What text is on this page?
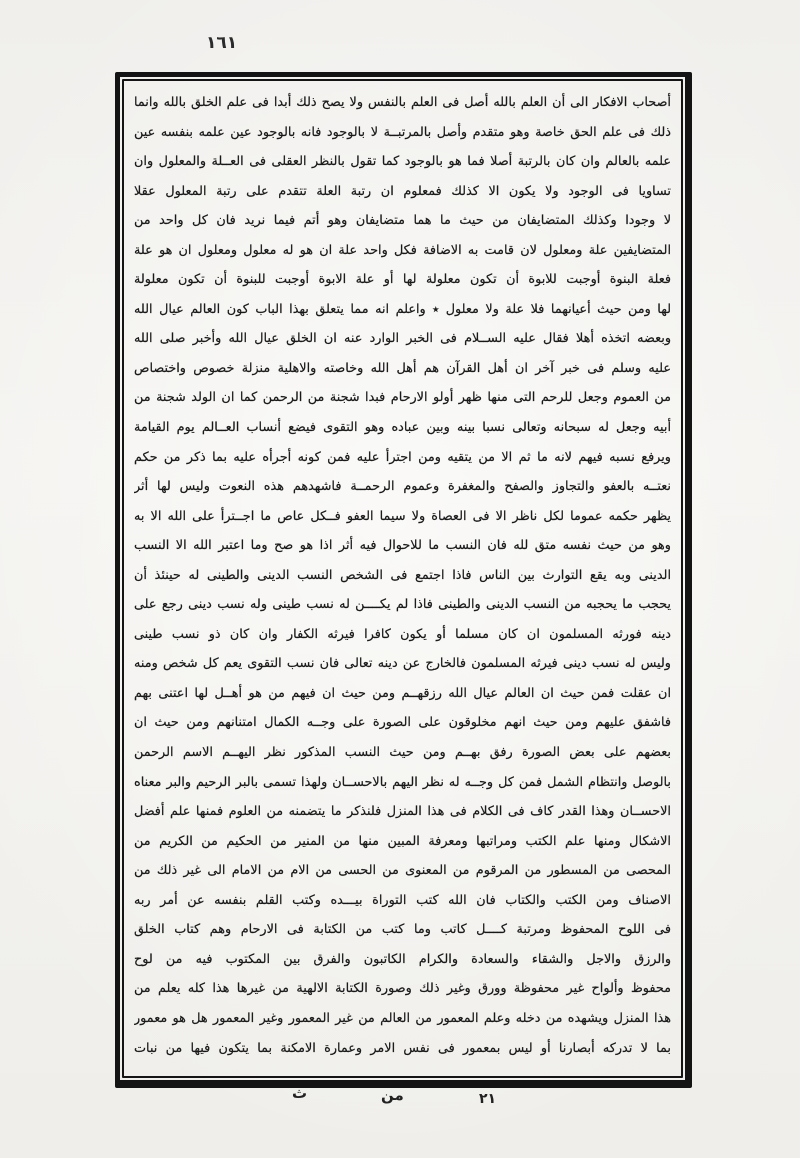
١٦١
أصحاب الافكار الى أن العلم بالله أصل فى العلم بالنفس ولا يصح ذلك أبدا فى علم الخلق بالله وانما
ذلك فى علم الحق خاصة وهو متقدم وأصل بالمرتبــة لا بالوجود فانه بالوجود عين علمه بنفسه عين
علمه بالعالم وان كان بالرتبة أصلا فما هو بالوجود كما تقول بالنظر العقلى فى العــلة والمعلول وان
تساويا فى الوجود ولا يكون الا كذلك فمعلوم ان رتبة العلة تتقدم على رتبة المعلول عقلا
لا وجودا وكذلك المتضايفان من حيث ما هما متضايفان وهو أتم فيما نريد فان كل واحد من
المتضايفين علة ومعلول لان قامت به الاضافة فكل واحد علة ان هو له معلول ومعلول ان هو علة
فعلة البنوة أوجبت للابوة أن تكون معلولة لها أو علة الابوة أوجبت للبنوة أن تكون معلولة
لها ومن حيث أعيانهما فلا علة ولا معلول ٭ واعلم انه مما يتعلق بهذا الباب كون العالم عيال الله
وبعضه اتخذه أهلا فقال عليه الســلام فى الخبر الوارد عنه ان الخلق عيال الله وأخبر صلى الله
عليه وسلم فى خبر آخر ان أهل القرآن هم أهل الله وخاصته والاهلية منزلة خصوص واختصاص
من العموم وجعل للرحم التى منها ظهر أولو الارحام فبدا شجنة من الرحمن كما ان الولد شجنة من
أبيه وجعل له سبحانه وتعالى نسبا بينه وبين عباده وهو التقوى فيضع أنساب العــالم يوم القيامة
ويرفع نسبه فيهم لانه ما ثم الا من يتقيه ومن اجترأ عليه فمن كونه أجرأه عليه بما ذكر من حكم
نعتــه بالعفو والتجاوز والصفح والمغفرة وعموم الرحمــة فاشهدهم هذه النعوت وليس لها أثر
يظهر حكمه عموما لكل ناظر الا فى العصاة ولا سيما العفو فــكل عاص ما اجــترأ على الله الا به
وهو من حيث نفسه متق لله فان النسب ما للاحوال فيه أثر اذا هو صح وما اعتبر الله الا النسب
الدينى وبه يقع التوارث بين الناس فاذا اجتمع فى الشخص النسب الدينى والطينى له حينئذ أن
يحجب ما يحجبه من النسب الدينى والطينى فاذا لم يكــــن له نسب طينى وله نسب دينى رجع على
دينه فورثه المسلمون ان كان مسلما أو يكون كافرا فيرثه الكفار وان كان ذو نسب طينى
وليس له نسب دينى فيرثه المسلمون فالخارج عن دينه تعالى فان نسب التقوى يعم كل شخص ومنه
ان عقلت فمن حيث ان العالم عيال الله رزقهــم ومن حيث ان فيهم من هو أهــل لها اعتنى بهم
فاشفق عليهم ومن حيث انهم مخلوقون على الصورة على وجــه الكمال امتنانهم ومن حيث ان
بعضهم على بعض الصورة رفق بهــم ومن حيث النسب المذكور نظر اليهــم الاسم الرحمن
بالوصل وانتظام الشمل فمن كل وجــه له نظر اليهم بالاحســان ولهذا تسمى بالبر الرحيم والبر معناه
الاحســان وهذا القدر كاف فى الكلام فى هذا المنزل فلنذكر ما يتضمنه من العلوم فمنها علم أفضل
الاشكال ومنها علم الكتب ومراتبها ومعرفة المبين منها من المنير من الحكيم من الكريم من
المحصى من المسطور من المرقوم من المعنوى من الحسى من الام من الامام الى غير ذلك من
الاصناف ومن الكتب والكتاب فان الله كتب التوراة بيـــده وكتب القلم بنفسه عن أمر ربه
فى اللوح المحفوظ ومرتبة كــــل كاتب وما كتب من الكتابة فى الارحام وهم كتاب الخلق
والرزق والاجل والشقاء والسعادة والكرام الكاتبون والفرق بين المكتوب فيه من لوح
محفوظ وألواح غير محفوظة وورق وغير ذلك وصورة الكتابة الالهية من غيرها هذا كله يعلم من
هذا المنزل ويشهده من دخله وعلم المعمور من العالم من غير المعمور وغير المعمور هل هو معمور
بما لا تدركه أبصارنا أو ليس بمعمور فى نفس الامر وعمارة الامكنة بما يتكون فيها من نبات
٢١
من
ث
